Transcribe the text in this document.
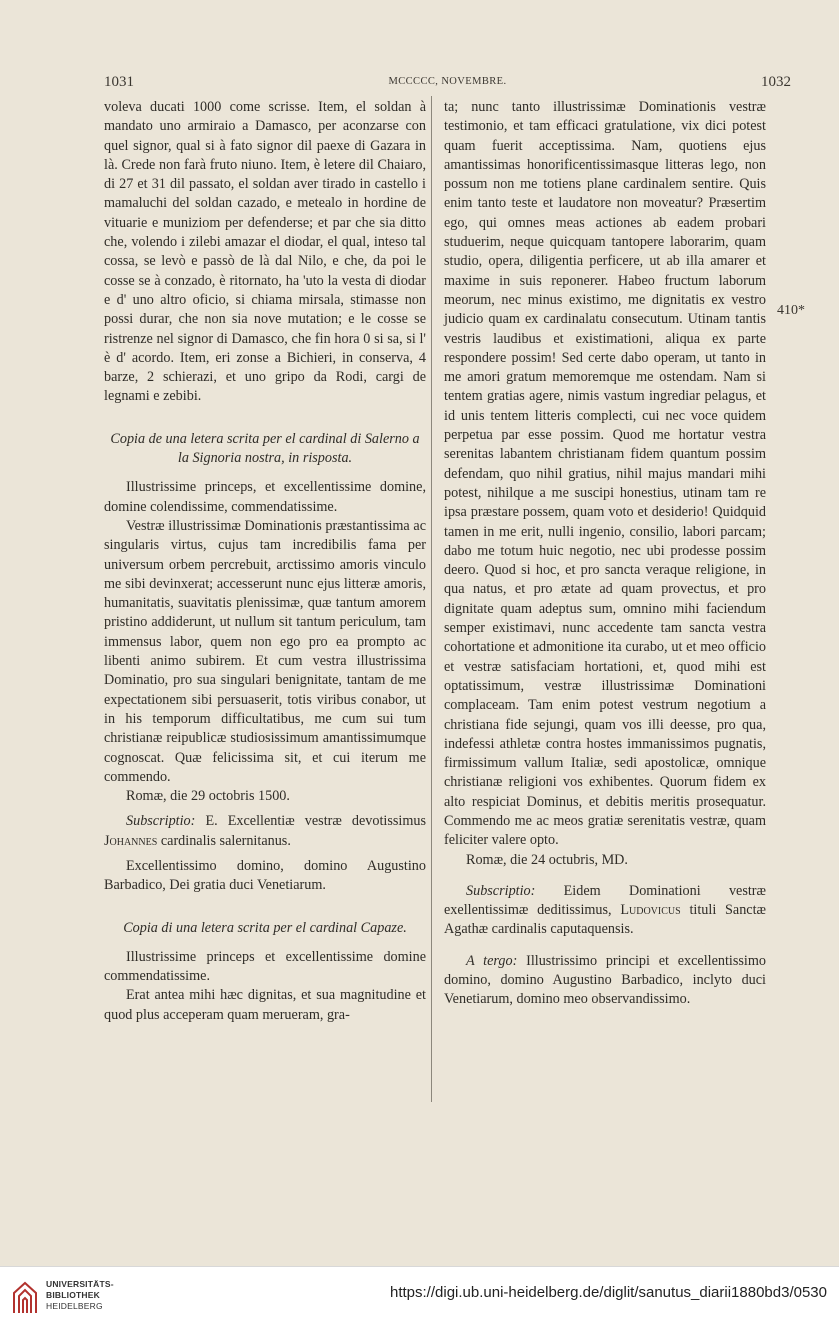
1031	MCCCCC, NOVEMBRE.	1032

voleva ducati 1000 come scrisse. Item, el soldan à mandato uno armiraio a Damasco, per aconzarse con quel signor, qual si à fato signor dil paexe di Gazara in là. Crede non farà fruto niuno. Item, è letere dil Chaiaro, di 27 et 31 dil passato, el soldan aver tirado in castello i mamaluchi del soldan cazado, e metealo in hordine de vituarie e muniziom per defenderse; et par che sia ditto che, volendo i zilebi amazar el diodar, el qual, inteso tal cossa, se levò e passò de là dal Nilo, e che, da poi le cosse se à conzado, è ritornato, ha 'uto la vesta di diodar e d' uno altro oficio, si chiama mirsala, stimasse non possi durar, che non sia nove mutation; e le cosse se ristrenze nel signor di Damasco, che fin hora 0 si sa, si l' è d' acordo. Item, eri zonse a Bichieri, in conserva, 4 barze, 2 schierazi, et uno gripo da Rodi, cargi de legnami e zebibi.

Copia de una letera scrita per el cardinal di Salerno a la Signoria nostra, in risposta.

Illustrissime princeps, et excellentissime domine, domine colendissime, commendatissime.

Vestræ illustrissimæ Dominationis præstantissima ac singularis virtus, cujus tam incredibilis fama per universum orbem percrebuit, arctissimo amoris vinculo me sibi devinxerat; accesserunt nunc ejus litteræ amoris, humanitatis, suavitatis plenissimæ, quæ tantum amorem pristino addiderunt, ut nullum sit tantum periculum, tam immensus labor, quem non ego pro ea prompto ac libenti animo subirem. Et cum vestra illustrissima Dominatio, pro sua singulari benignitate, tantam de me expectationem sibi persuaserit, totis viribus conabor, ut in his temporum difficultatibus, me cum sui tum christianæ reipublicæ studiosissimum amantissimumque cognoscat. Quæ felicissima sit, et cui iterum me commendo.

Romæ, die 29 octobris 1500.

Subscriptio: E. Excellentiæ vestræ devotissimus Johannes cardinalis salernitanus.

Excellentissimo domino, domino Augustino Barbadico, Dei gratia duci Venetiarum.

Copia di una letera scrita per el cardinal Capaze.

Illustrissime princeps et excellentissime domine commendatissime.

Erat antea mihi hæc dignitas, et sua magnitudine et quod plus acceperam quam merueram, gra-

ta; nunc tanto illustrissimæ Dominationis vestræ testimonio, et tam efficaci gratulatione, vix dici potest quam fuerit acceptissima. Nam, quotiens ejus amantissimas honorificentissimasque litteras lego, non possum non me totiens plane cardinalem sentire. Quis enim tanto teste et laudatore non moveatur? Præsertim ego, qui omnes meas actiones ab eadem probari studuerim, neque quicquam tantopere laborarim, quam studio, opera, diligentia perficere, ut ab illa amarer et maxime in suis reponerer. Habeo fructum laborum meorum, nec minus existimo, me dignitatis ex vestro judicio quam ex cardinalatu consecutum. Utinam tantis vestris laudibus et existimationi, aliqua ex parte respondere possim! Sed certe dabo operam, ut tanto in me amori gratum memoremque me ostendam. Nam si tentem gratias agere, nimis vastum ingrediar pelagus, et id unis tentem litteris complecti, cui nec voce quidem perpetua par esse possim. Quod me hortatur vestra serenitas labantem christianam fidem quantum possim defendam, quo nihil gratius, nihil majus mandari mihi potest, nihilque a me suscipi honestius, utinam tam re ipsa præstare possem, quam voto et desiderio! Quidquid tamen in me erit, nulli ingenio, consilio, labori parcam; dabo me totum huic negotio, nec ubi prodesse possim deero. Quod si hoc, et pro sancta veraque religione, in qua natus, et pro ætate ad quam provectus, et pro dignitate quam adeptus sum, omnino mihi faciendum semper existimavi, nunc accedente tam sancta vestra cohortatione et admonitione ita curabo, ut et meo officio et vestræ satisfaciam hortationi, et, quod mihi est optatissimum, vestræ illustrissimæ Dominationi complaceam. Tam enim potest vestrum negotium a christiana fide sejungi, quam vos illi deesse, pro qua, indefessi athletæ contra hostes immanissimos pugnatis, firmissimum vallum Italiæ, sedi apostolicæ, omnique christianæ religioni vos exhibentes. Quorum fidem ex alto respiciat Dominus, et debitis meritis prosequatur. Commendo me ac meos gratiæ serenitatis vestræ, quam feliciter valere opto.

Romæ, die 24 octubris, MD.

Subscriptio: Eidem Dominationi vestræ exellentissimæ deditissimus, Ludovicus tituli Sanctæ Agathæ cardinalis caputaquensis.

A tergo: Illustrissimo principi et excellentissimo domino, domino Augustino Barbadico, inclyto duci Venetiarum, domino meo observandissimo.

410*
UNIVERSITÄTS-
BIBLIOTHEK
HEIDELBERG
https://digi.ub.uni-heidelberg.de/diglit/sanutus_diarii1880bd3/0530
